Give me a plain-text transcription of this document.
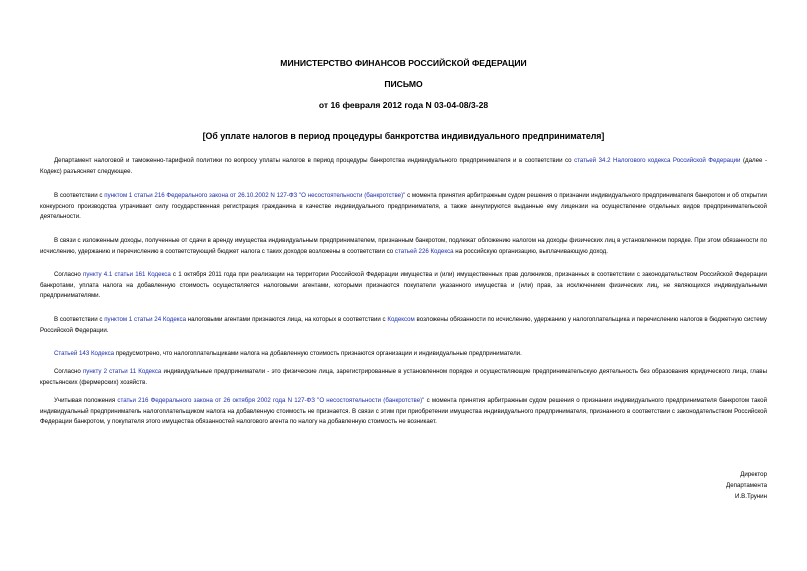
МИНИСТЕРСТВО ФИНАНСОВ РОССИЙСКОЙ ФЕДЕРАЦИИ
ПИСЬМО
от 16 февраля 2012 года N 03-04-08/3-28
[Об уплате налогов в период процедуры банкротства индивидуального предпринимателя]

Департамент налоговой и таможенно-тарифной политики по вопросу уплаты налогов в период процедуры банкротства индивидуального предпринимателя и в соответствии со статьей 34.2 Налогового кодекса Российской Федерации (далее - Кодекс) разъясняет следующее.

В соответствии с пунктом 1 статьи 216 Федерального закона от 26.10.2002 N 127-ФЗ "О несостоятельности (банкротстве)" с момента принятия арбитражным судом решения о признании индивидуального предпринимателя банкротом и об открытии конкурсного производства утрачивает силу государственная регистрация гражданина в качестве индивидуального предпринимателя, а также аннулируются выданные ему лицензии на осуществление отдельных видов предпринимательской деятельности.

В связи с изложенным доходы, полученные от сдачи в аренду имущества индивидуальным предпринимателем, признанным банкротом, подлежат обложению налогом на доходы физических лиц в установленном порядке. При этом обязанности по исчислению, удержанию и перечислению в соответствующий бюджет налога с таких доходов возложены в соответствии со статьей 226 Кодекса на российскую организацию, выплачивающую доход.

Согласно пункту 4.1 статьи 161 Кодекса с 1 октября 2011 года при реализации на территории Российской Федерации имущества и (или) имущественных прав должников, признанных в соответствии с законодательством Российской Федерации банкротами, уплата налога на добавленную стоимость осуществляется налоговыми агентами, которыми признаются покупатели указанного имущества и (или) прав, за исключением физических лиц, не являющихся индивидуальными предпринимателями.

В соответствии с пунктом 1 статьи 24 Кодекса налоговыми агентами признаются лица, на которых в соответствии с Кодексом возложены обязанности по исчислению, удержанию у налогоплательщика и перечислению налогов в бюджетную систему Российской Федерации.

Статьей 143 Кодекса предусмотрено, что налогоплательщиками налога на добавленную стоимость признаются организации и индивидуальные предприниматели.

Согласно пункту 2 статьи 11 Кодекса индивидуальные предприниматели - это физические лица, зарегистрированные в установленном порядке и осуществляющие предпринимательскую деятельность без образования юридического лица, главы крестьянских (фермерских) хозяйств.

Учитывая положения статьи 216 Федерального закона от 26 октября 2002 года N 127-ФЗ "О несостоятельности (банкротстве)" с момента принятия арбитражным судом решения о признании индивидуального предпринимателя банкротом такой индивидуальный предприниматель налогоплательщиком налога на добавленную стоимость не признается. В связи с этим при приобретении имущества индивидуального предпринимателя, признанного в соответствии с законодательством Российской Федерации банкротом, у покупателя этого имущества обязанностей налогового агента по налогу на добавленную стоимость не возникает.

Директор
Департамента
И.В.Трунин
